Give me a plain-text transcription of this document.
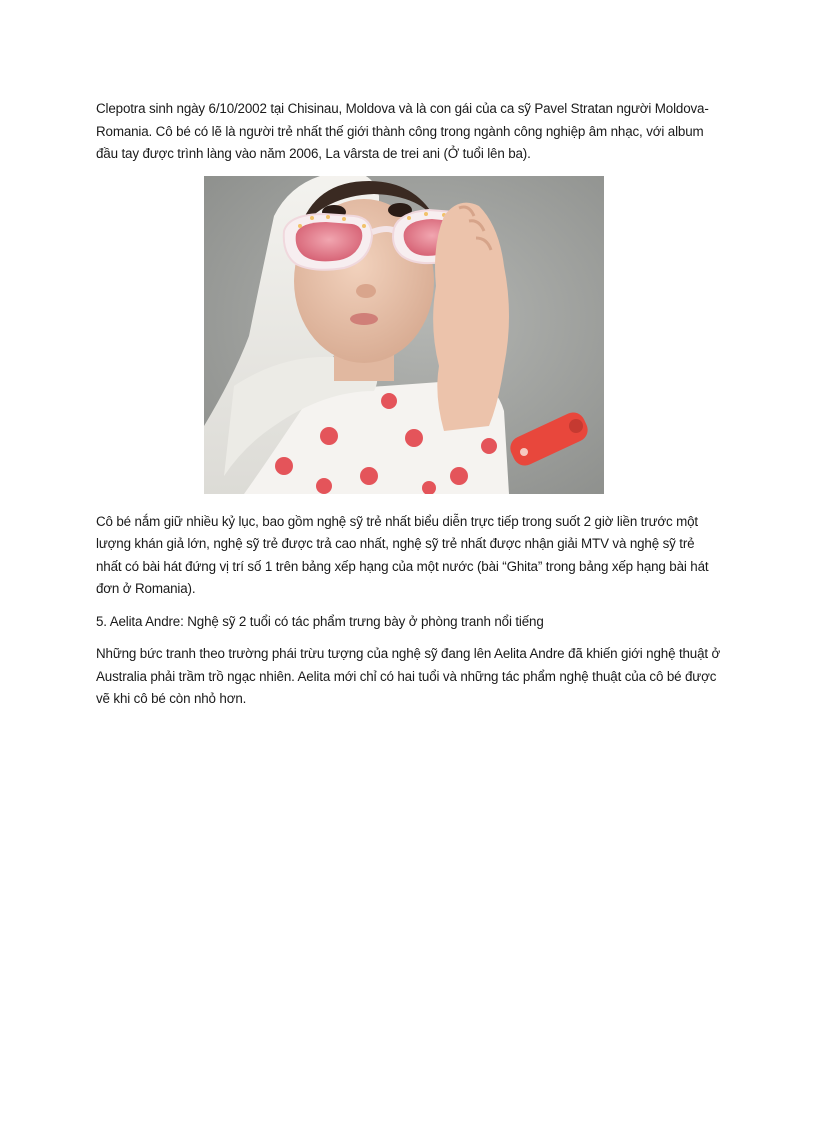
Clepotra sinh ngày 6/10/2002 tại Chisinau, Moldova và là con gái của ca sỹ Pavel Stratan người Moldova-Romania. Cô bé có lẽ là người trẻ nhất thế giới thành công trong ngành công nghiệp âm nhạc, với album đầu tay được trình làng vào năm 2006, La vârsta de trei ani (Ở tuổi lên ba).

Cô bé nắm giữ nhiều kỷ lục, bao gồm nghệ sỹ trẻ nhất biểu diễn trực tiếp trong suốt 2 giờ liền trước một lượng khán giả lớn, nghệ sỹ trẻ được trả cao nhất, nghệ sỹ trẻ nhất được nhận giải MTV và nghệ sỹ trẻ nhất có bài hát đứng vị trí số 1 trên bảng xếp hạng của một nước (bài “Ghita” trong bảng xếp hạng bài hát đơn ở Romania).

5. Aelita Andre: Nghệ sỹ 2 tuổi có tác phẩm trưng bày ở phòng tranh nổi tiếng

Những bức tranh theo trường phái trừu tượng của nghệ sỹ đang lên Aelita Andre đã khiến giới nghệ thuật ở Australia phải trầm trồ ngạc nhiên. Aelita mới chỉ có hai tuổi và những tác phẩm nghệ thuật của cô bé được vẽ khi cô bé còn nhỏ hơn.
